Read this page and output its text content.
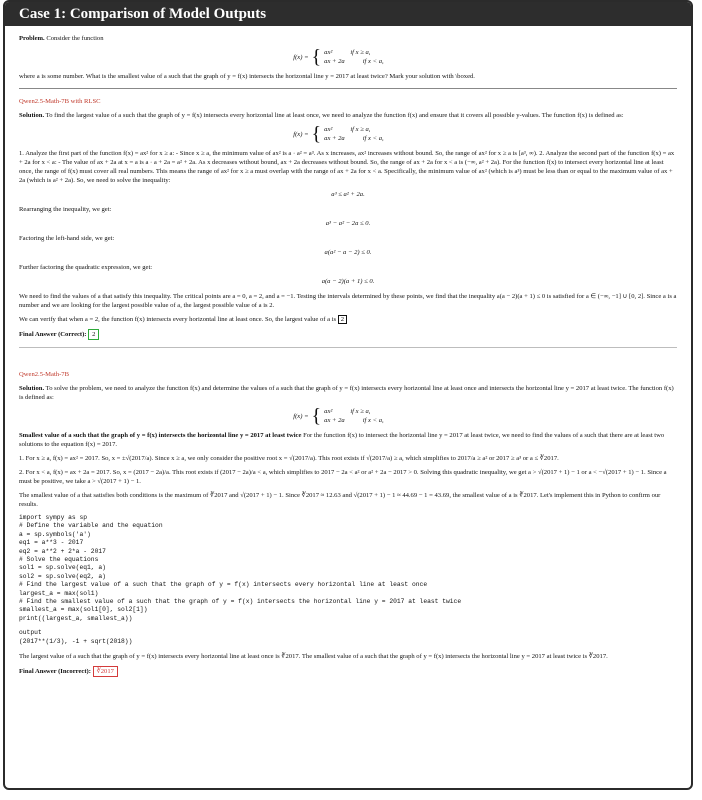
Case 1: Comparison of Model Outputs

Problem. Consider the function

f(x) = { ax²	if x ≥ a,
ax + 2a	if x < a,

where a is some number. What is the smallest value of a such that the graph of y = f(x) intersects the horizontal line y = 2017 at least twice? Mark your solution with \boxed.

Qwen2.5-Math-7B with RLSC

Solution. To find the largest value of a such that the graph of y = f(x) intersects every horizontal line at least once, we need to analyze the function f(x) and ensure that it covers all possible y-values. The function f(x) is defined as:

f(x) = { ax²	if x ≥ a,
ax + 2a	if x < a,

1. Analyze the first part of the function f(x) = ax² for x ≥ a: - Since x ≥ a, the minimum value of ax² is a · a² = a³. As x increases, ax² increases without bound. So, the range of ax² for x ≥ a is [a³, ∞). 2. Analyze the second part of the function f(x) = ax + 2a for x < a: - The value of ax + 2a at x = a is a · a + 2a = a² + 2a. As x decreases without bound, ax + 2a decreases without bound. So, the range of ax + 2a for x < a is (−∞, a² + 2a). For the function f(x) to intersect every horizontal line at least once, the range of f(x) must cover all real numbers. This means the range of ax² for x ≥ a must overlap with the range of ax + 2a for x < a. Specifically, the minimum value of ax² (which is a³) must be less than or equal to the maximum value of ax + 2a (which is a² + 2a). So, we need to solve the inequality:

a³ ≤ a² + 2a.

Rearranging the inequality, we get:

a³ − a² − 2a ≤ 0.

Factoring the left-hand side, we get:

a(a² − a − 2) ≤ 0.

Further factoring the quadratic expression, we get:

a(a − 2)(a + 1) ≤ 0.

We need to find the values of a that satisfy this inequality. The critical points are a = 0, a = 2, and a = −1. Testing the intervals determined by these points, we find that the inequality a(a − 2)(a + 1) ≤ 0 is satisfied for a ∈ (−∞, −1] ∪ [0, 2]. Since a is a number and we are looking for the largest possible value of a, the largest possible value of a is 2.

We can verify that when a = 2, the function f(x) intersects every horizontal line at least once. So, the largest value of a is 2

Final Answer (Correct): 2

Qwen2.5-Math-7B

Solution. To solve the problem, we need to analyze the function f(x) and determine the values of a such that the graph of y = f(x) intersects every horizontal line at least once and intersects the horizontal line y = 2017 at least twice. The function f(x) is defined as:

f(x) = { ax²	if x ≥ a,
ax + 2a	if x < a,

Smallest value of a such that the graph of y = f(x) intersects the horizontal line y = 2017 at least twice For the function f(x) to intersect the horizontal line y = 2017 at least twice, we need to find the values of a such that there are at least two solutions to the equation f(x) = 2017.

1. For x ≥ a, f(x) = ax² = 2017. So, x = ±√(2017/a). Since x ≥ a, we only consider the positive root x = √(2017/a). This root exists if √(2017/a) ≥ a, which simplifies to 2017/a ≥ a² or 2017 ≥ a³ or a ≤ ∛2017.

2. For x < a, f(x) = ax + 2a = 2017. So, x = (2017 − 2a)/a. This root exists if (2017 − 2a)/a < a, which simplifies to 2017 − 2a < a² or a² + 2a − 2017 > 0. Solving this quadratic inequality, we get a > √(2017 + 1) − 1 or a < −√(2017 + 1) − 1. Since a must be positive, we take a > √(2017 + 1) − 1.

The smallest value of a that satisfies both conditions is the maximum of ∛2017 and √(2017 + 1) − 1. Since ∛2017 ≈ 12.63 and √(2017 + 1) − 1 ≈ 44.69 − 1 = 43.69, the smallest value of a is ∛2017. Let's implement this in Python to confirm our results.

import sympy as sp
# Define the variable and the equation
a = sp.symbols('a')
eq1 = a**3 - 2017
eq2 = a**2 + 2*a - 2017
# Solve the equations
sol1 = sp.solve(eq1, a)
sol2 = sp.solve(eq2, a)
# Find the largest value of a such that the graph of y = f(x) intersects every horizontal line at least once
largest_a = max(sol1)
# Find the smallest value of a such that the graph of y = f(x) intersects the horizontal line y = 2017 at least twice
smallest_a = max(sol1[0], sol2[1])
print((largest_a, smallest_a))
output
(2017**(1/3), -1 + sqrt(2018))

The largest value of a such that the graph of y = f(x) intersects every horizontal line at least once is ∛2017. The smallest value of a such that the graph of y = f(x) intersects the horizontal line y = 2017 at least twice is ∛2017.

Final Answer (Incorrect): ∛2017
